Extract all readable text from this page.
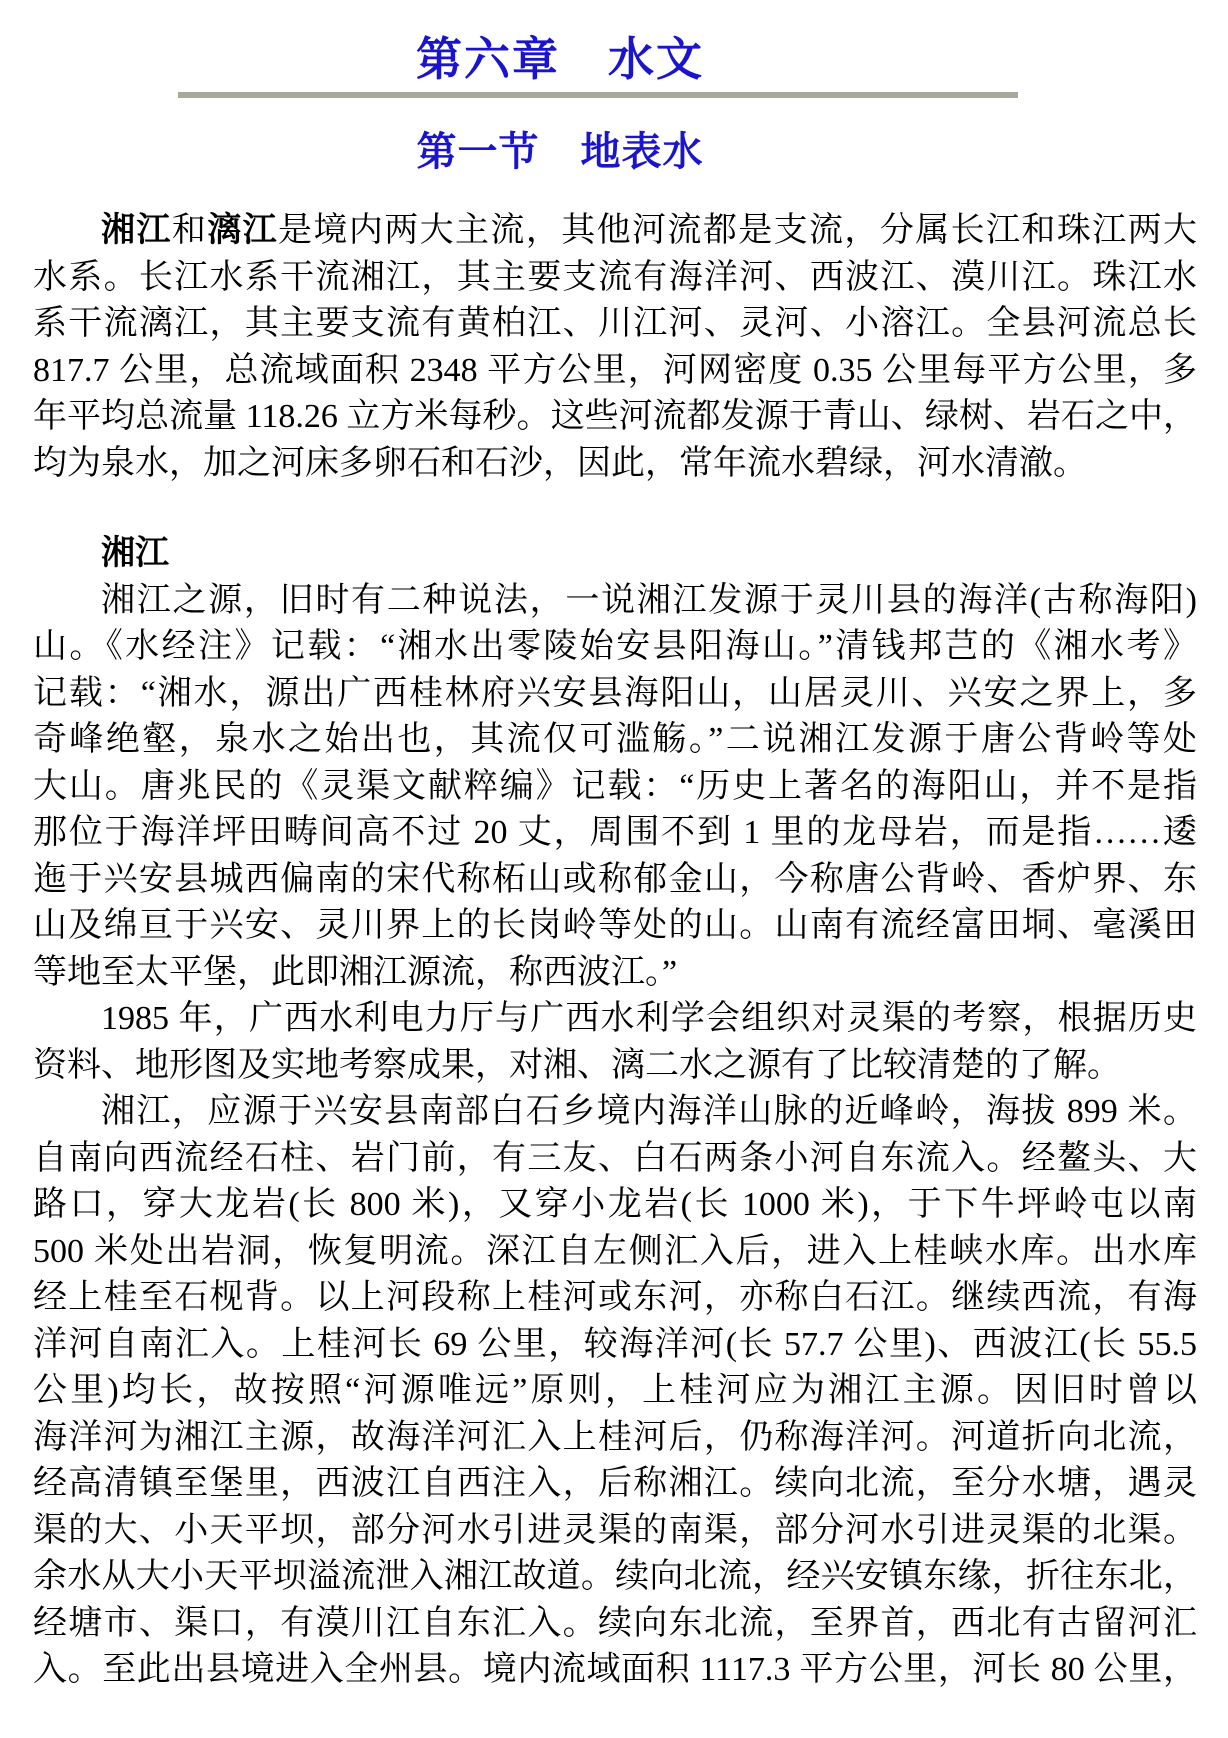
第六章　水文
第一节　地表水
湘江和漓江是境内两大主流，其他河流都是支流，分属长江和珠江两大
水系。长江水系干流湘江，其主要支流有海洋河、西波江、漠川江。珠江水
系干流漓江，其主要支流有黄柏江、川江河、灵河、小溶江。全县河流总长
817.7 公里，总流域面积 2348 平方公里，河网密度 0.35 公里每平方公里，多
年平均总流量 118.26 立方米每秒。这些河流都发源于青山、绿树、岩石之中，
均为泉水，加之河床多卵石和石沙，因此，常年流水碧绿，河水清澈。
湘江
湘江之源，旧时有二种说法，一说湘江发源于灵川县的海洋(古称海阳)
山。《水经注》记载：“湘水出零陵始安县阳海山。”清钱邦芑的《湘水考》
记载：“湘水，源出广西桂林府兴安县海阳山，山居灵川、兴安之界上，多
奇峰绝壑，泉水之始出也，其流仅可滥觞。”二说湘江发源于唐公背岭等处
大山。唐兆民的《灵渠文献粹编》记载：“历史上著名的海阳山，并不是指
那位于海洋坪田畴间高不过 20 丈，周围不到 1 里的龙母岩，而是指……逶
迤于兴安县城西偏南的宋代称柘山或称郁金山，今称唐公背岭、香炉界、东
山及绵亘于兴安、灵川界上的长岗岭等处的山。山南有流经富田垌、毫溪田
等地至太平堡，此即湘江源流，称西波江。”
1985 年，广西水利电力厅与广西水利学会组织对灵渠的考察，根据历史
资料、地形图及实地考察成果，对湘、漓二水之源有了比较清楚的了解。
湘江，应源于兴安县南部白石乡境内海洋山脉的近峰岭，海拔 899 米。
自南向西流经石柱、岩门前，有三友、白石两条小河自东流入。经鳌头、大
路口，穿大龙岩(长 800 米)，又穿小龙岩(长 1000 米)，于下牛坪岭屯以南
500 米处出岩洞，恢复明流。深江自左侧汇入后，进入上桂峡水库。出水库
经上桂至石枧背。以上河段称上桂河或东河，亦称白石江。继续西流，有海
洋河自南汇入。上桂河长 69 公里，较海洋河(长 57.7 公里)、西波江(长 55.5
公里)均长，故按照“河源唯远”原则，上桂河应为湘江主源。因旧时曾以
海洋河为湘江主源，故海洋河汇入上桂河后，仍称海洋河。河道折向北流，
经高清镇至堡里，西波江自西注入，后称湘江。续向北流，至分水塘，遇灵
渠的大、小天平坝，部分河水引进灵渠的南渠，部分河水引进灵渠的北渠。
余水从大小天平坝溢流泄入湘江故道。续向北流，经兴安镇东缘，折往东北，
经塘市、渠口，有漠川江自东汇入。续向东北流，至界首，西北有古留河汇
入。至此出县境进入全州县。境内流域面积 1117.3 平方公里，河长 80 公里，
